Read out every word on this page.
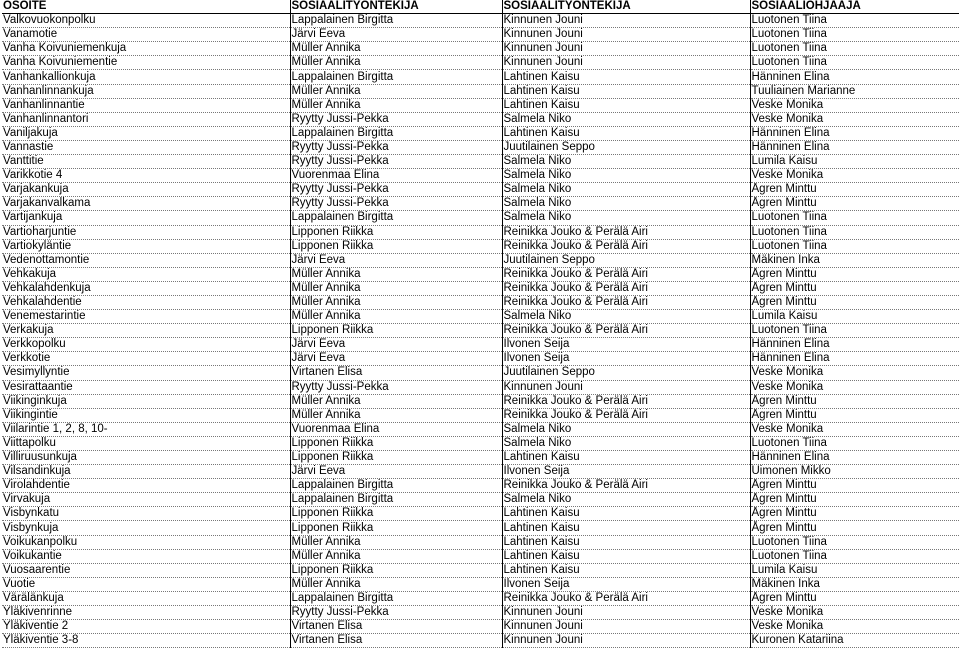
OSOITE	SOSIAALITYÖNTEKIJÄ	SOSIAALITYÖNTEKIJÄ	SOSIAALIOHJAAJA
Valkovuokonpolku	Lappalainen Birgitta	Kinnunen Jouni	Luotonen Tiina
Vanamotie	Järvi Eeva	Kinnunen Jouni	Luotonen Tiina
Vanha Koivuniemenkuja	Müller Annika	Kinnunen Jouni	Luotonen Tiina
Vanha Koivuniementie	Müller Annika	Kinnunen Jouni	Luotonen Tiina
Vanhankallionkuja	Lappalainen Birgitta	Lahtinen Kaisu	Hänninen Elina
Vanhanlinnankuja	Müller Annika	Lahtinen Kaisu	Tuuliainen Marianne
Vanhanlinnantie	Müller Annika	Lahtinen Kaisu	Veske Monika
Vanhanlinnantori	Ryytty Jussi-Pekka	Salmela Niko	Veske Monika
Vaniljakuja	Lappalainen Birgitta	Lahtinen Kaisu	Hänninen Elina
Vannastie	Ryytty Jussi-Pekka	Juutilainen Seppo	Hänninen Elina
Vanttitie	Ryytty Jussi-Pekka	Salmela Niko	Lumila Kaisu
Varikkotie 4	Vuorenmaa Elina	Salmela Niko	Veske Monika
Varjakankuja	Ryytty Jussi-Pekka	Salmela Niko	Ågren Minttu
Varjakanvalkama	Ryytty Jussi-Pekka	Salmela Niko	Ågren Minttu
Vartijankuja	Lappalainen Birgitta	Salmela Niko	Luotonen Tiina
Vartioharjuntie	Lipponen Riikka	Reinikka Jouko & Perälä Airi	Luotonen Tiina
Vartiokyläntie	Lipponen Riikka	Reinikka Jouko & Perälä Airi	Luotonen Tiina
Vedenottamontie	Järvi Eeva	Juutilainen Seppo	Mäkinen Inka
Vehkakuja	Müller Annika	Reinikka Jouko & Perälä Airi	Ågren Minttu
Vehkalahdenkuja	Müller Annika	Reinikka Jouko & Perälä Airi	Ågren Minttu
Vehkalahdentie	Müller Annika	Reinikka Jouko & Perälä Airi	Ågren Minttu
Venemestarintie	Müller Annika	Salmela Niko	Lumila Kaisu
Verkakuja	Lipponen Riikka	Reinikka Jouko & Perälä Airi	Luotonen Tiina
Verkkopolku	Järvi Eeva	Ilvonen Seija	Hänninen Elina
Verkkotie	Järvi Eeva	Ilvonen Seija	Hänninen Elina
Vesimyllyntie	Virtanen Elisa	Juutilainen Seppo	Veske Monika
Vesirattaantie	Ryytty Jussi-Pekka	Kinnunen Jouni	Veske Monika
Viikinginkuja	Müller Annika	Reinikka Jouko & Perälä Airi	Ågren Minttu
Viikingintie	Müller Annika	Reinikka Jouko & Perälä Airi	Ågren Minttu
Viilarintie 1, 2, 8, 10-	Vuorenmaa Elina	Salmela Niko	Veske Monika
Viittapolku	Lipponen Riikka	Salmela Niko	Luotonen Tiina
Villiruusunkuja	Lipponen Riikka	Lahtinen Kaisu	Hänninen Elina
Vilsandinkuja	Järvi Eeva	Ilvonen Seija	Uimonen Mikko
Virolahdentie	Lappalainen Birgitta	Reinikka Jouko & Perälä Airi	Ågren Minttu
Virvakuja	Lappalainen Birgitta	Salmela Niko	Ågren Minttu
Visbynkatu	Lipponen Riikka	Lahtinen Kaisu	Ågren Minttu
Visbynkuja	Lipponen Riikka	Lahtinen Kaisu	Ågren Minttu
Voikukanpolku	Müller Annika	Lahtinen Kaisu	Luotonen Tiina
Voikukantie	Müller Annika	Lahtinen Kaisu	Luotonen Tiina
Vuosaarentie	Lipponen Riikka	Lahtinen Kaisu	Lumila Kaisu
Vuotie	Müller Annika	Ilvonen Seija	Mäkinen Inka
Värälänkuja	Lappalainen Birgitta	Reinikka Jouko & Perälä Airi	Ågren Minttu
Yläkivenrinne	Ryytty Jussi-Pekka	Kinnunen Jouni	Veske Monika
Yläkiventie 2	Virtanen Elisa	Kinnunen Jouni	Veske Monika
Yläkiventie 3-8	Virtanen Elisa	Kinnunen Jouni	Kuronen Katariina
